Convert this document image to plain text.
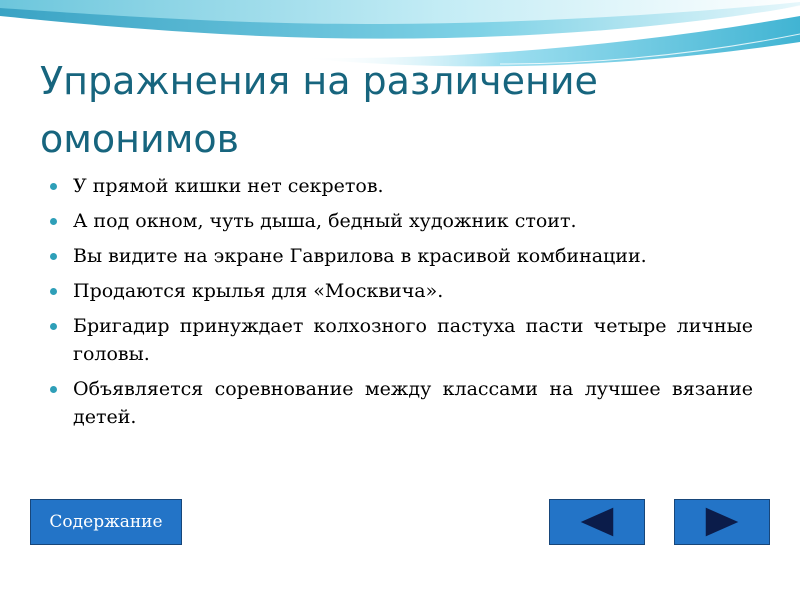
Упражнения на различение омонимов
У прямой кишки нет секретов.
А под окном, чуть дыша, бедный художник стоит.
Вы видите на экране Гаврилова в красивой комбинации.
Продаются крылья для «Москвича».
Бригадир принуждает колхозного пастуха пасти четыре личные головы.
Объявляется соревнование между классами на лучшее вязание детей.
Содержание
